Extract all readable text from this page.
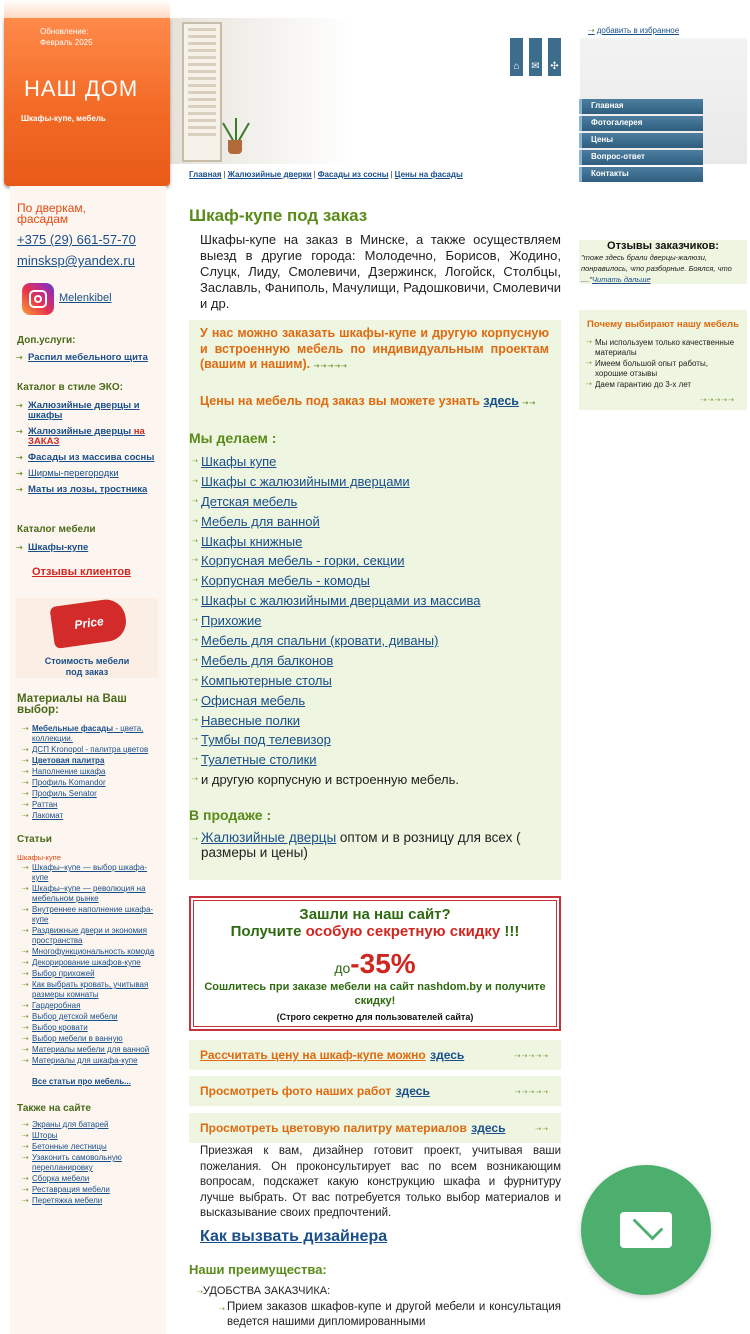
Обновление:
Февраль 2025
НАШ ДОМ
Шкафы-купе, мебель
⇢ добавить в избранное
⌂	✉ ✣
Главная
Фотогалерея
Цены
Вопрос-ответ
Контакты
Главная | Жалюзийные дверки | Фасады из сосны | Цены на фасады
По дверкам,
фасадам
+375 (29) 661-57-70
minsksp@yandex.ru
Melenkibel
Доп.услуги:
⇢ Распил мебельного щита
Каталог в стиле ЭКО:
⇢ Жалюзийные дверцы и шкафы
⇢ Жалюзийные дверцы на ЗАКАЗ
⇢ Фасады из массива сосны
⇢ Ширмы-перегородки
⇢ Маты из лозы, тростника
Каталог мебели
⇢ Шкафы-купе
Отзывы клиентов
Price
Стоимость мебели
под заказ
Материалы на Ваш
выбор:
⇢ Мебельные фасады - цвета, коллекции.
⇢ ДСП Kronopol - палитра цветов
⇢ Цветовая палитра
⇢ Наполнение шкафа
⇢ Профиль Komandor
⇢ Профиль Senator
⇢ Раттан
⇢ Лакомат
Статьи
Шкафы-купе
⇢ Шкафы–купе — выбор шкафа-купе
⇢ Шкафы–купе — революция на мебельном рынке
⇢ Внутреннее наполнение шкафа-купе
⇢ Раздвижные двери и экономия пространства
⇢ Многофункциональность комода
⇢ Декорирование шкафов-купе
⇢ Выбор прихожей
⇢ Как выбрать кровать, учитывая размеры комнаты
⇢ Гардеробная
⇢ Выбор детской мебели
⇢ Выбор кровати
⇢ Выбор мебели в ванную
⇢ Материалы мебели для ванной
⇢ Материалы для шкафа-купе
Все статьи про мебель...
Также на сайте
⇢ Экраны для батарей
⇢ Шторы
⇢ Бетонные лестницы
⇢ Узаконить самовольную перепланировку
⇢ Сборка мебели
⇢ Реставрация мебели
⇢ Перетяжка мебели
Шкаф-купе под заказ

Шкафы-купе на заказ в Минске, а также осуществляем выезд в другие города: Молодечно, Борисов, Жодино, Слуцк, Лиду, Смолевичи, Дзержинск, Логойск, Столбцы, Заславль, Фаниполь, Мачулищи, Радошковичи, Смолевичи и др.

У нас можно заказать шкафы-купе и другую корпусную и встроенную мебель по индивидуальным проектам (вашим и нашим). ⇢⇢⇢⇢⇢
Цены на мебель под заказ вы можете узнать здесь ⇢⇢
Мы делаем :
⇢ Шкафы купе
⇢ Шкафы с жалюзийными дверцами
⇢ Детская мебель
⇢ Мебель для ванной
⇢ Шкафы книжные
⇢ Корпусная мебель - горки, секции
⇢ Корпусная мебель - комоды
⇢ Шкафы с жалюзийными дверцами из массива
⇢ Прихожие
⇢ Мебель для спальни (кровати, диваны)
⇢ Мебель для балконов
⇢ Компьютерные столы
⇢ Офисная мебель
⇢ Навесные полки
⇢ Тумбы под телевизор
⇢ Туалетные столики
⇢ и другую корпусную и встроенную мебель.
В продаже :
⇢ Жалюзийные дверцы оптом и в розницу для всех ( размеры и цены)
Зашли на наш сайт?
Получите особую секретную скидку !!!
до-35%
Сошлитесь при заказе мебели на сайт nashdom.by и получите скидку!
(Строго секретно для пользователей сайта)
Рассчитать цену на шкаф-купе можно здесь	⇢⇢⇢⇢⇢
Просмотреть фото наших работ здесь	⇢⇢⇢⇢⇢
Просмотреть цветовую палитру материалов здесь	⇢⇢

Приезжая к вам, дизайнер готовит проект, учитывая ваши пожелания. Он проконсультирует вас по всем возникающим вопросам, подскажет какую конструкцию шкафа и фурнитуру лучше выбрать. От вас потребуется только выбор материалов и высказывание своих предпочтений.

Как вызвать дизайнера
Наши преимущества:
⇢УДОБСТВА ЗАКАЗЧИКА:
⇢ Прием заказов шкафов-купе и другой мебели и консультация ведется нашими дипломированными
Отзывы заказчиков:
"тоже здесь брали дверцы-жалюзи, понравилось, что разборные. Боялся, что ...."Читать дальше
Почему выбирают нашу мебель
⇢ Мы используем только качественные материалы
⇢ Имеем большой опыт работы, хорошие отзывы
⇢ Даем гарантию до 3-х лет
⇢⇢⇢⇢⇢
